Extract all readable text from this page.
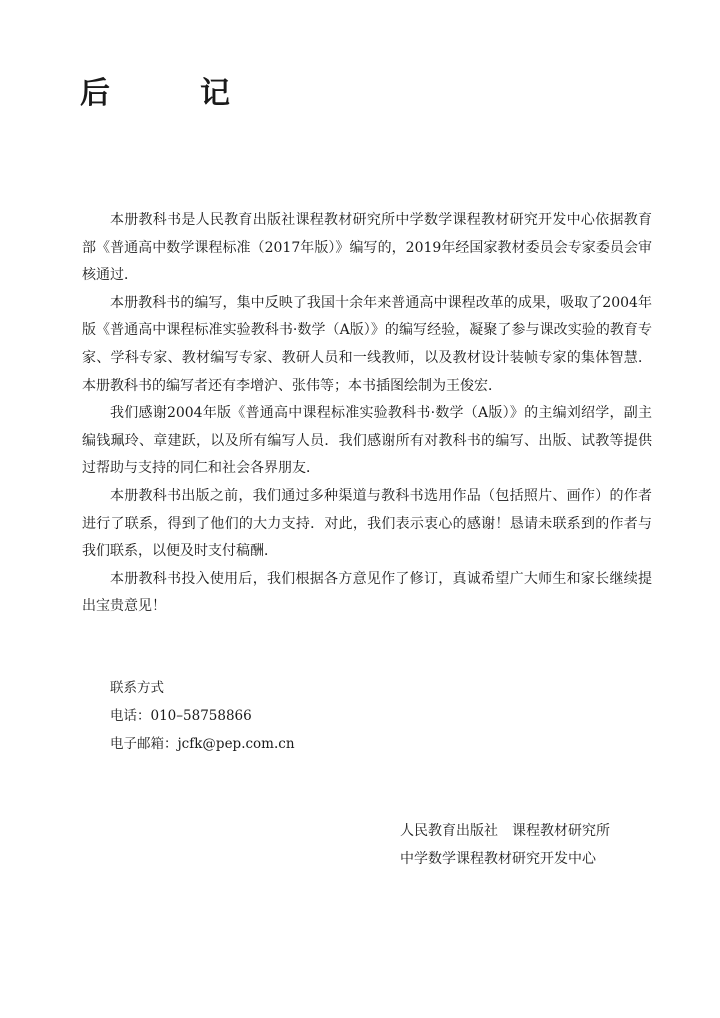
后　记

本册教科书是人民教育出版社课程教材研究所中学数学课程教材研究开发中心依据教育部《普通高中数学课程标准（2017年版）》编写的，2019年经国家教材委员会专家委员会审核通过．

本册教科书的编写，集中反映了我国十余年来普通高中课程改革的成果，吸取了2004年版《普通高中课程标准实验教科书·数学（A版）》的编写经验，凝聚了参与课改实验的教育专家、学科专家、教材编写专家、教研人员和一线教师，以及教材设计装帧专家的集体智慧．本册教科书的编写者还有李增沪、张伟等；本书插图绘制为王俊宏．

我们感谢2004年版《普通高中课程标准实验教科书·数学（A版）》的主编刘绍学，副主编钱珮玲、章建跃，以及所有编写人员．我们感谢所有对教科书的编写、出版、试教等提供过帮助与支持的同仁和社会各界朋友．

本册教科书出版之前，我们通过多种渠道与教科书选用作品（包括照片、画作）的作者进行了联系，得到了他们的大力支持．对此，我们表示衷心的感谢！恳请未联系到的作者与我们联系，以便及时支付稿酬．

本册教科书投入使用后，我们根据各方意见作了修订，真诚希望广大师生和家长继续提出宝贵意见！

联系方式
电话：010–58758866
电子邮箱：jcfk@pep.com.cn
人民教育出版社　课程教材研究所
中学数学课程教材研究开发中心
